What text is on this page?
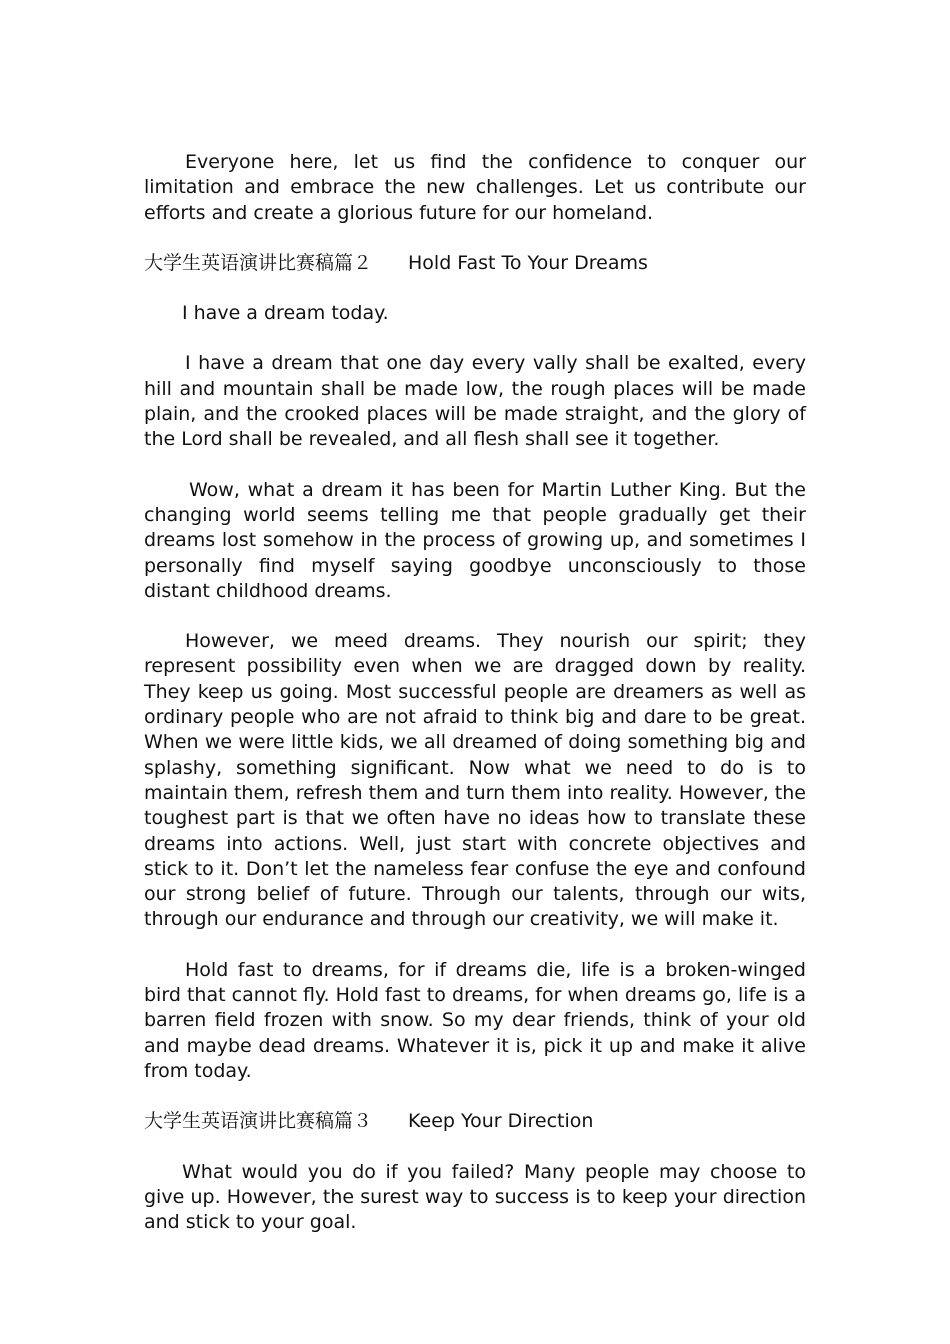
Everyone here, let us find the confidence to conquer our limitation and embrace the new challenges. Let us contribute our efforts and create a glorious future for our homeland.

大学生英语演讲比赛稿篇２ Hold Fast To Your Dreams

I have a dream today.

I have a dream that one day every vally shall be exalted, every hill and mountain shall be made low, the rough places will be made plain, and the crooked places will be made straight, and the glory of the Lord shall be revealed, and all flesh shall see it together.

Wow, what a dream it has been for Martin Luther King. But the changing world seems telling me that people gradually get their dreams lost somehow in the process of growing up, and sometimes I personally find myself saying goodbye unconsciously to those distant childhood dreams.

However, we meed dreams. They nourish our spirit; they represent possibility even when we are dragged down by reality. They keep us going. Most successful people are dreamers as well as ordinary people who are not afraid to think big and dare to be great. When we were little kids, we all dreamed of doing something big and splashy, something significant. Now what we need to do is to maintain them, refresh them and turn them into reality. However, the toughest part is that we often have no ideas how to translate these dreams into actions. Well, just start with concrete objectives and stick to it. Don’t let the nameless fear confuse the eye and confound our strong belief of future. Through our talents, through our wits, through our endurance and through our creativity, we will make it.

Hold fast to dreams, for if dreams die, life is a broken-winged bird that cannot fly. Hold fast to dreams, for when dreams go, life is a barren field frozen with snow. So my dear friends, think of your old and maybe dead dreams. Whatever it is, pick it up and make it alive from today.

大学生英语演讲比赛稿篇３ Keep Your Direction

What would you do if you failed? Many people may choose to give up. However, the surest way to success is to keep your direction and stick to your goal.
